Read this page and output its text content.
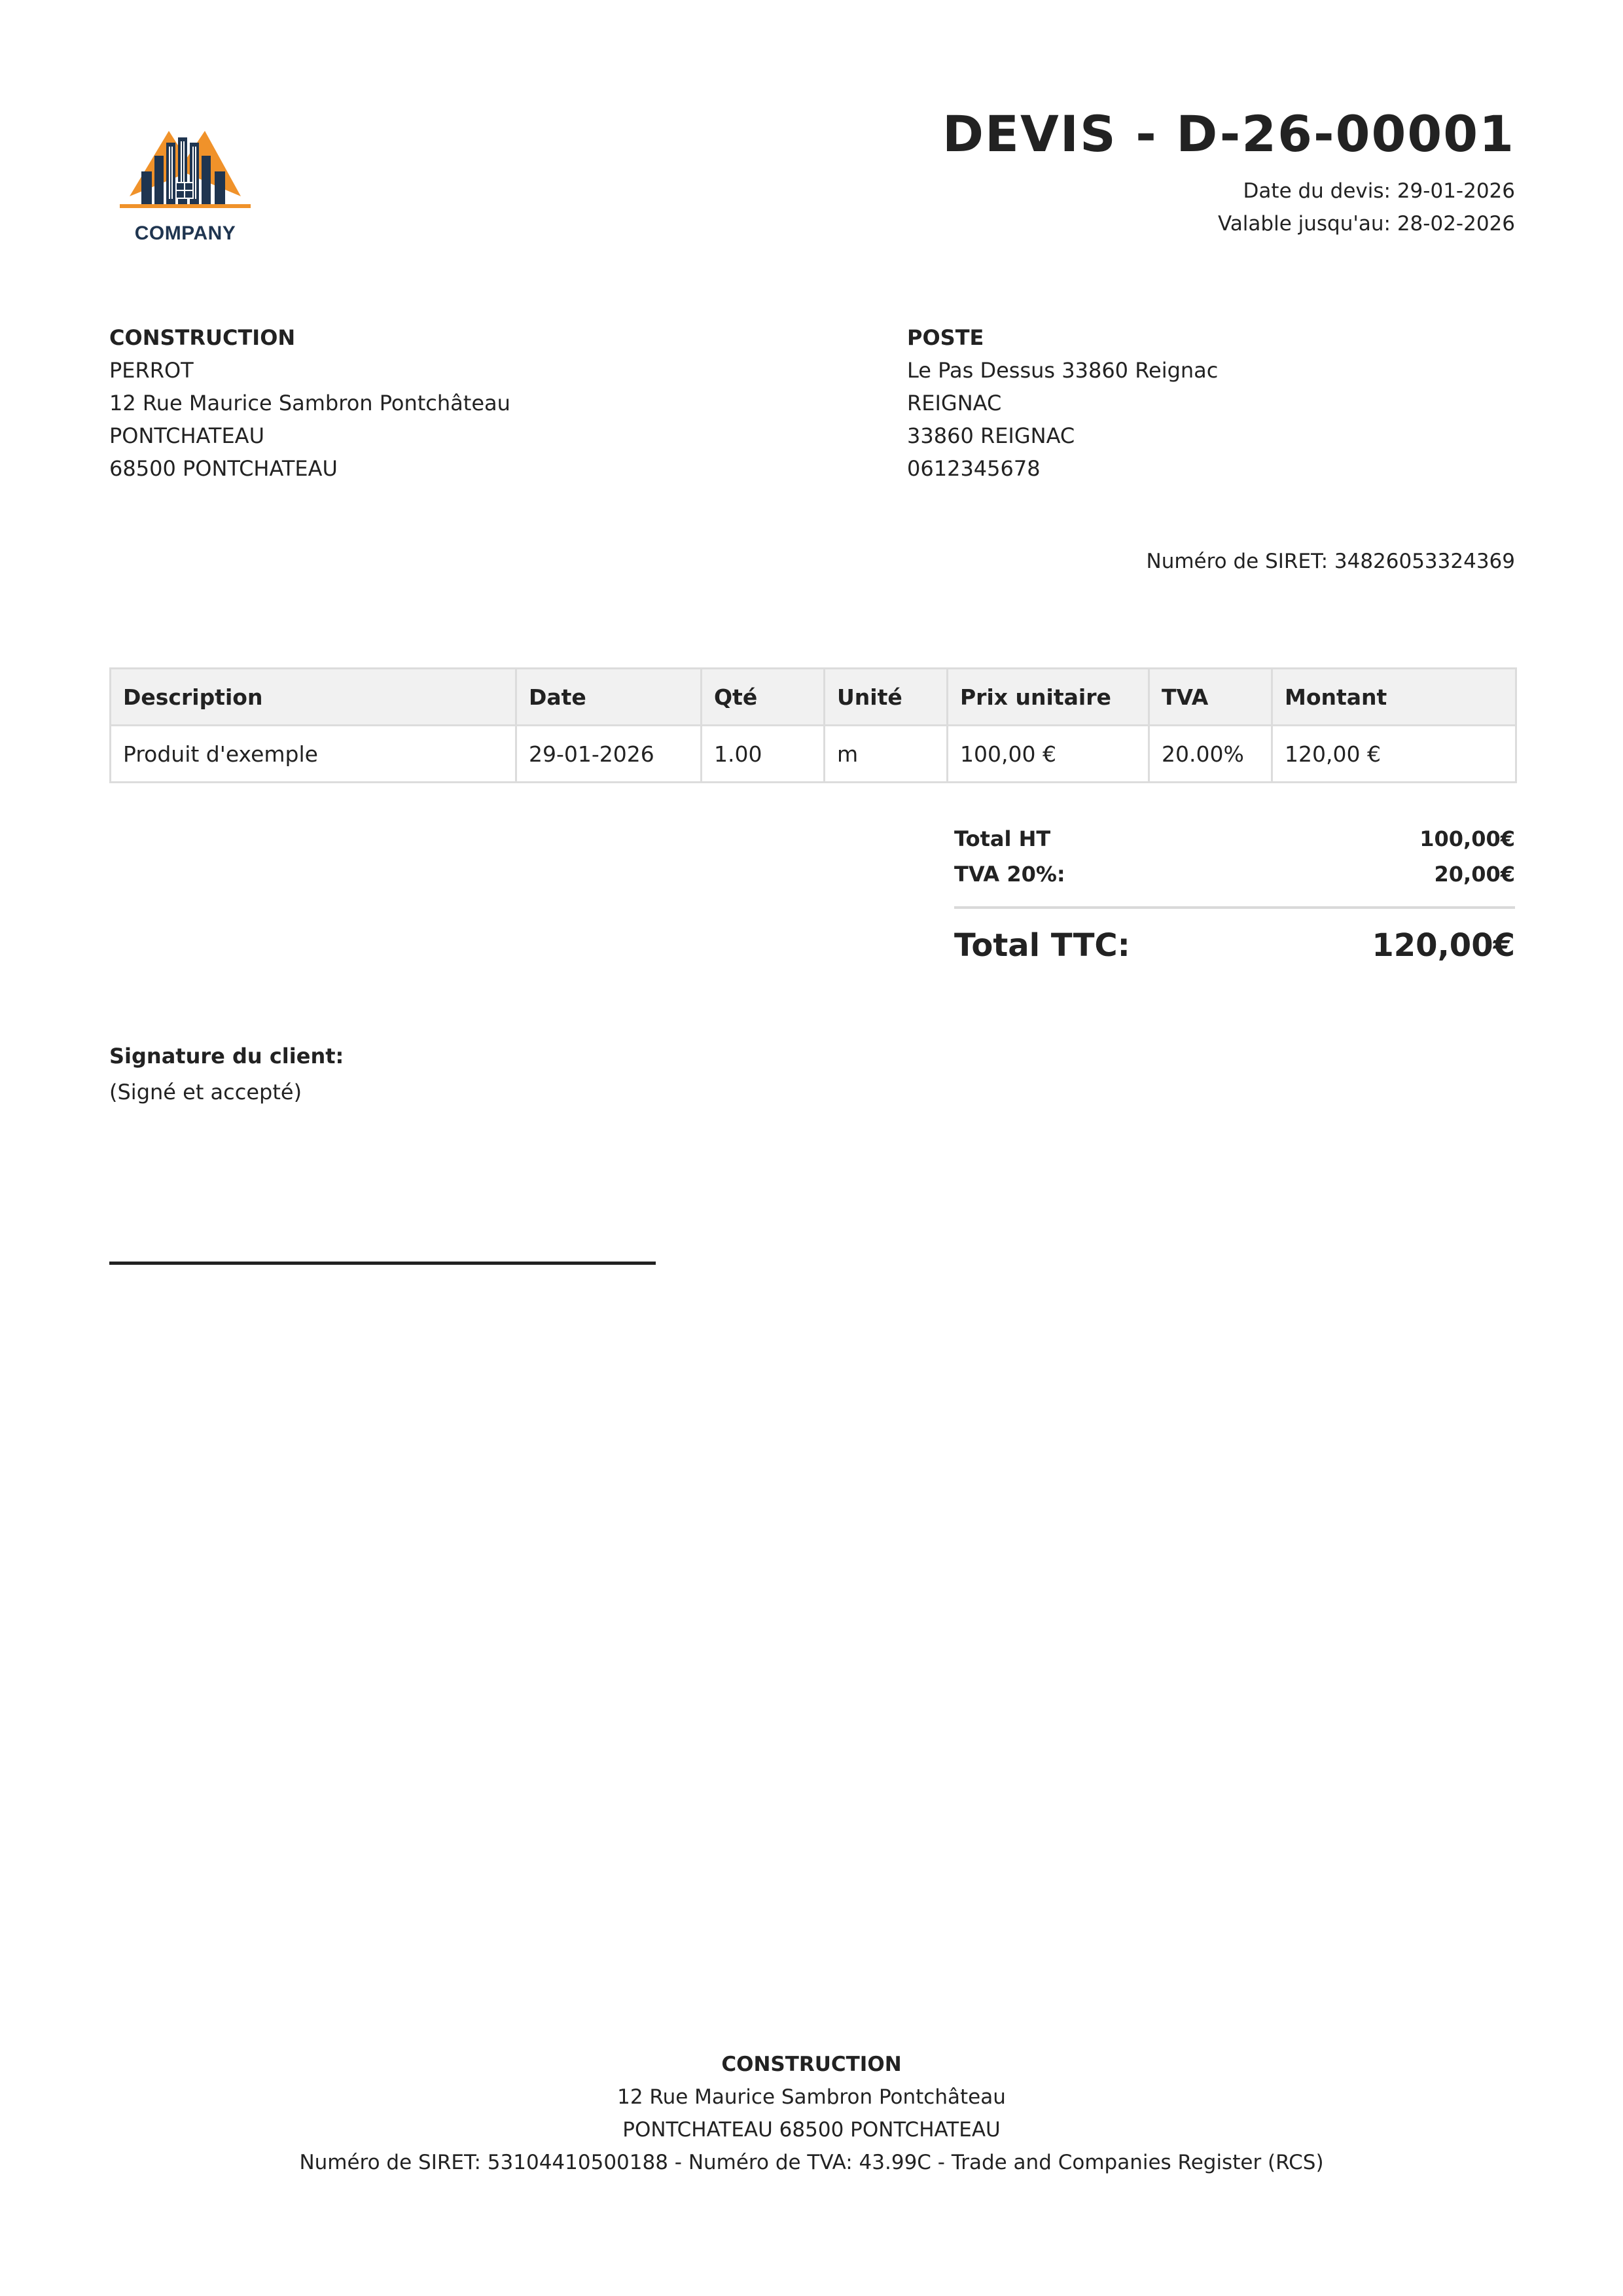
COMPANY
DEVIS - D-26-00001
Date du devis: 29-01-2026
Valable jusqu'au: 28-02-2026
CONSTRUCTION
PERROT
12 Rue Maurice Sambron Pontchâteau
PONTCHATEAU
68500 PONTCHATEAU
POSTE
Le Pas Dessus 33860 Reignac
REIGNAC
33860 REIGNAC
0612345678
Numéro de SIRET: 34826053324369
Description	Date	Qté	Unité	Prix unitaire	TVA	Montant
Produit d'exemple	29-01-2026	1.00	m	100,00 €	20.00%	120,00 €
Total HT	100,00€
TVA 20%:	20,00€
Total TTC:	120,00€
Signature du client:
(Signé et accepté)
CONSTRUCTION
12 Rue Maurice Sambron Pontchâteau
PONTCHATEAU 68500 PONTCHATEAU
Numéro de SIRET: 53104410500188 - Numéro de TVA: 43.99C - Trade and Companies Register (RCS)
